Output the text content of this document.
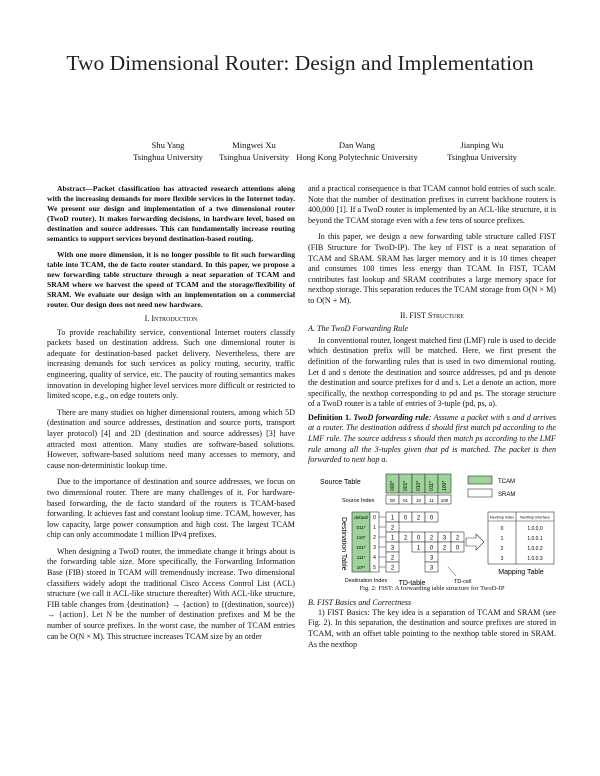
Two Dimensional Router: Design and Implementation
Shu Yang
Tsinghua University
Mingwei Xu
Tsinghua University
Dan Wang
Hong Kong Polytechnic University
Jianping Wu
Tsinghua University

Abstract—Packet classification has attracted research attentions along with the increasing demands for more flexible services in the Internet today. We present our design and implementation of a two dimensional router (TwoD router). It makes forwarding decisions, in hardware level, based on destination and source addresses. This can fundamentally increase routing semantics to support services beyond destination-based routing.

With one more dimension, it is no longer possible to fit such forwarding table into TCAM, the de facto router standard. In this paper, we propose a new forwarding table structure through a neat separation of TCAM and SRAM where we harvest the speed of TCAM and the storage/flexibility of SRAM. We evaluate our design with an implementation on a commercial router. Our design does not need new hardware.

I. Introduction

To provide reachability service, conventional Internet routers classify packets based on destination address. Such one dimensional router is adequate for destination-based packet delivery. Nevertheless, there are increasing demands for such services as policy routing, security, traffic engineering, quality of service, etc. The paucity of routing semantics makes innovation in developing higher level services more difficult or restricted to limited scope, e.g., on edge routers only.

There are many studies on higher dimensional routers, among which 5D (destination and source addresses, destination and source ports, transport layer protocol) [4] and 2D (destination and source addresses) [3] have attracted most attention. Many studies are software-based solutions. However, software-based solutions need many accesses to memory, and cause non-deterministic lookup time.

Due to the importance of destination and source addresses, we focus on two dimensional router. There are many challenges of it. For hardware-based forwarding, the de facto standard of the routers is TCAM-based forwarding. It achieves fast and constant lookup time. TCAM, however, has low capacity, large power consumption and high cost. The largest TCAM chip can only accommodate 1 million IPv4 prefixes.

When designing a TwoD router, the immediate change it brings about is the forwarding table size. More specifically, the Forwarding Information Base (FIB) stored in TCAM will tremendously increase. Two dimensional classifiers widely adopt the traditional Cisco Access Control List (ACL) structure (we call it ACL-like structure thereafter) With ACL-like structure, FIB table changes from {destination} → {action} to {(destination, source)} → {action}. Let N be the number of destination prefixes and M be the number of source prefixes. In the worst case, the number of TCAM entries can be O(N × M). This structure increases TCAM size by an order

and a practical consequence is that TCAM cannot hold entries of such scale. Note that the number of destination prefixes in current backbone routers is 400,000 [1]. If a TwoD router is implemented by an ACL-like structure, it is beyond the TCAM storage even with a few tens of source prefixes.

In this paper, we design a new forwarding table structure called FIST (FIB Structure for TwoD-IP). The key of FIST is a neat separation of TCAM and SRAM. SRAM has larger memory and it is 10 times cheaper and consumes 100 times less energy than TCAM. In FIST, TCAM contributes fast lookup and SRAM contributes a large memory space for nexthop storage. This separation reduces the TCAM storage from O(N × M) to O(N + M).

II. FIST Structure

A. The TwoD Forwarding Rule

In conventional router, longest matched first (LMF) rule is used to decide which destination prefix will be matched. Here, we first present the definition of the forwarding rules that is used in two dimensional routing. Let d and s denote the destination and source addresses, pd and ps denote the destination and source prefixes for d and s. Let a denote an action, more specifically, the nexthop corresponding to pd and ps. The storage structure of a TwoD router is a table of entries of 3-tuple (pd, ps, a).

Definition 1. TwoD forwarding rule: Assume a packet with s and d arrives at a router. The destination address d should first match pd according to the LMF rule. The source address s should then match ps according to the LMF rule among all the 3-tuples given that pd is matched. The packet is then forwarded to next hop a.

Source Table	000* 001* 010* 011* 100*
Source Index	00 01 10 11 100
TCAM
SRAM
default
011*
110*
101*
111*
10**
0
1
2
3
4
5
Destination Table
Destination Index
1 0 2 0
2
1 2 0 2 3 2
3	1 0 2 0
2	3
2	3
TD-table	TD-cell
Nexthop index Nexthop interface
0	1.0.0.0
1	1.0.0.1
2	1.0.0.2
3	1.0.0.3
Mapping Table

Fig. 2: FIST: A forwarding table structure for TwoD-IP

B. FIST Basics and Correctness

1) FIST Basics: The key idea is a separation of TCAM and SRAM (see Fig. 2). In this separation, the destination and source prefixes are stored in TCAM, with an offset table pointing to the nexthop table stored in SRAM. As the nexthop
